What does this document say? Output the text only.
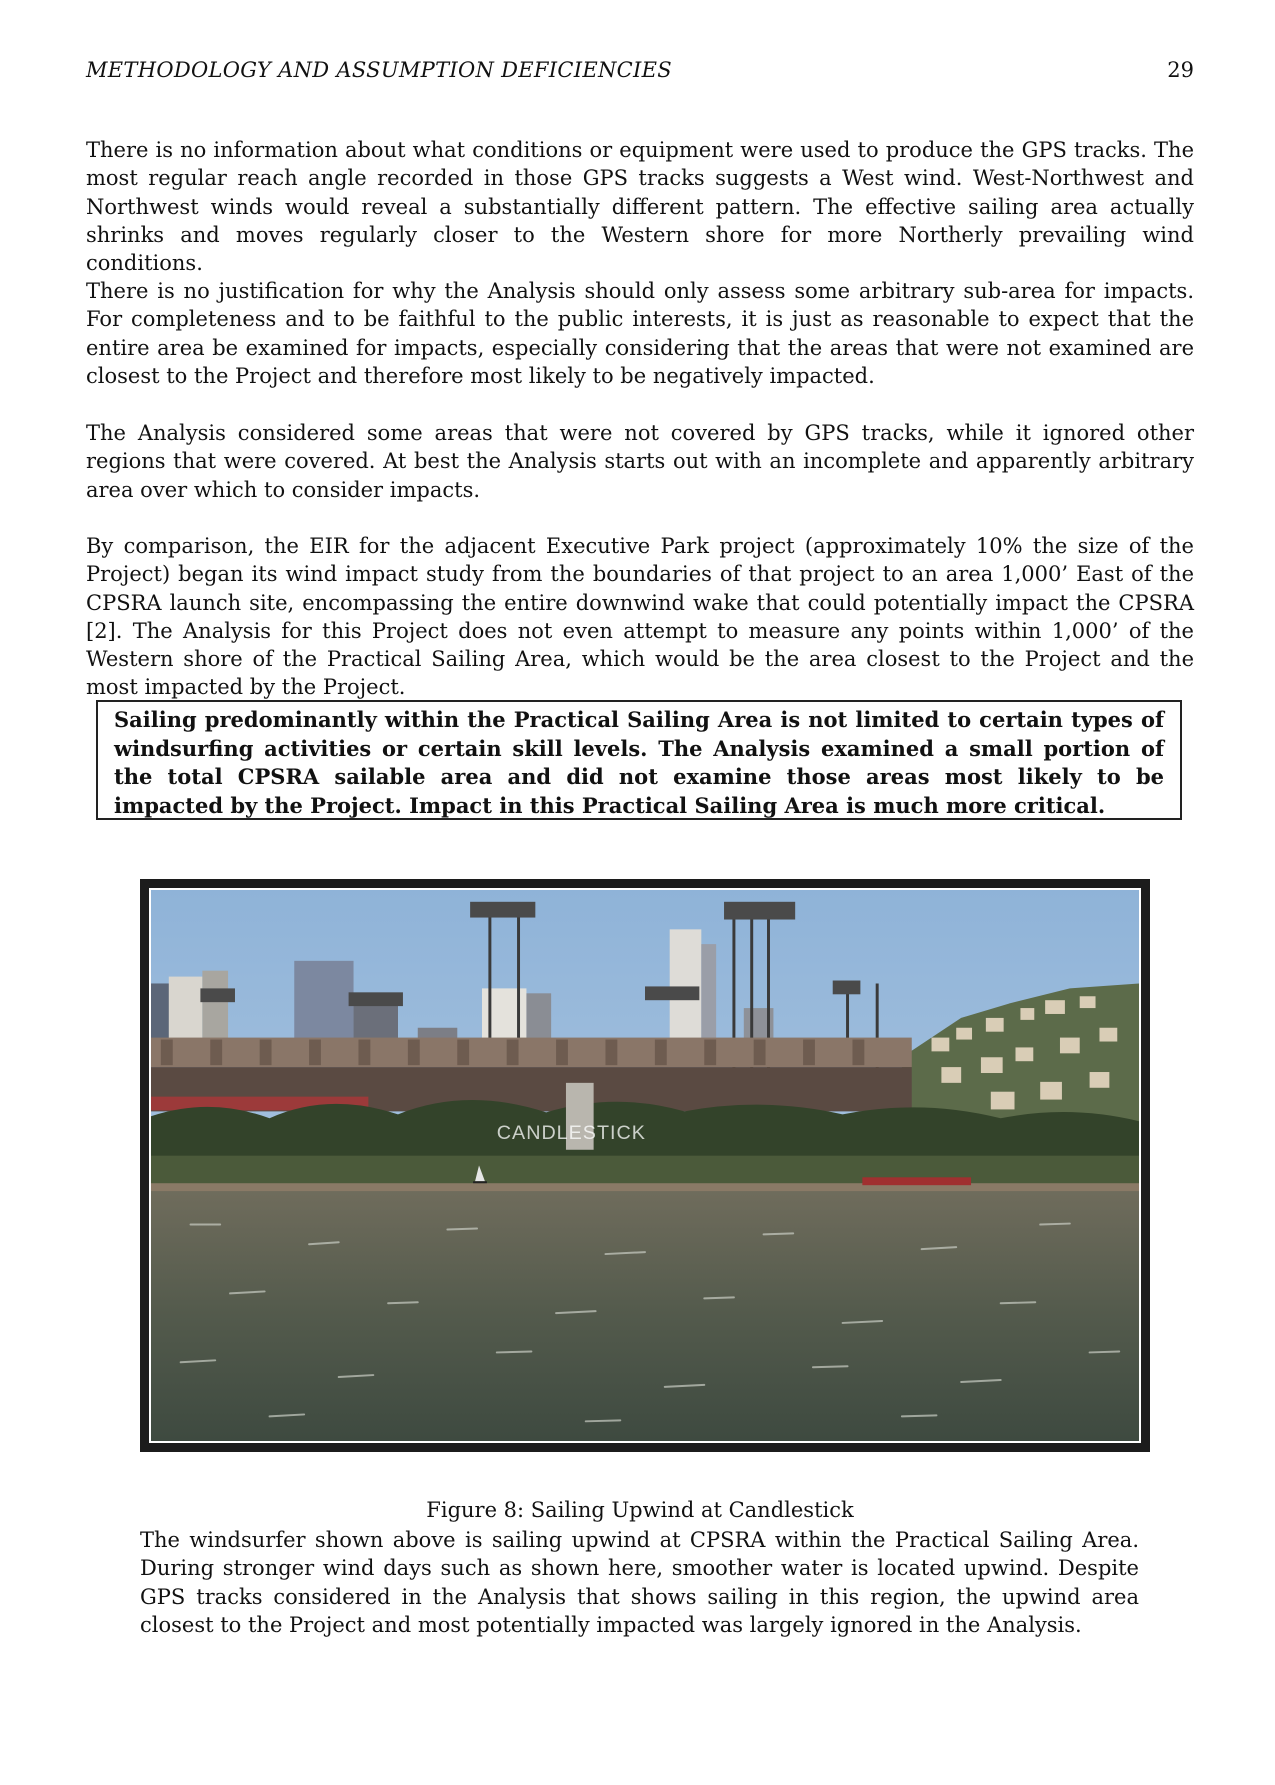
METHODOLOGY AND ASSUMPTION DEFICIENCIES	29

There is no information about what conditions or equipment were used to produce the GPS tracks. The most regular reach angle recorded in those GPS tracks suggests a West wind. West-Northwest and Northwest winds would reveal a substantially different pattern. The effective sailing area actually shrinks and moves regularly closer to the Western shore for more Northerly prevailing wind conditions.

There is no justification for why the Analysis should only assess some arbitrary sub-area for impacts. For completeness and to be faithful to the public interests, it is just as reasonable to expect that the entire area be examined for impacts, especially considering that the areas that were not examined are closest to the Project and therefore most likely to be negatively impacted.

The Analysis considered some areas that were not covered by GPS tracks, while it ignored other regions that were covered. At best the Analysis starts out with an incomplete and apparently arbitrary area over which to consider impacts.

By comparison, the EIR for the adjacent Executive Park project (approximately 10% the size of the Project) began its wind impact study from the boundaries of that project to an area 1,000’ East of the CPSRA launch site, encompassing the entire downwind wake that could potentially impact the CPSRA [2]. The Analysis for this Project does not even attempt to measure any points within 1,000’ of the Western shore of the Practical Sailing Area, which would be the area closest to the Project and the most impacted by the Project.

Sailing predominantly within the Practical Sailing Area is not limited to certain types of windsurfing activities or certain skill levels. The Analysis examined a small portion of the total CPSRA sailable area and did not examine those areas most likely to be impacted by the Project. Impact in this Practical Sailing Area is much more critical.
CANDLESTICK
Figure 8: Sailing Upwind at Candlestick

The windsurfer shown above is sailing upwind at CPSRA within the Practical Sailing Area. During stronger wind days such as shown here, smoother water is located upwind. Despite GPS tracks considered in the Analysis that shows sailing in this region, the upwind area closest to the Project and most potentially impacted was largely ignored in the Analysis.
